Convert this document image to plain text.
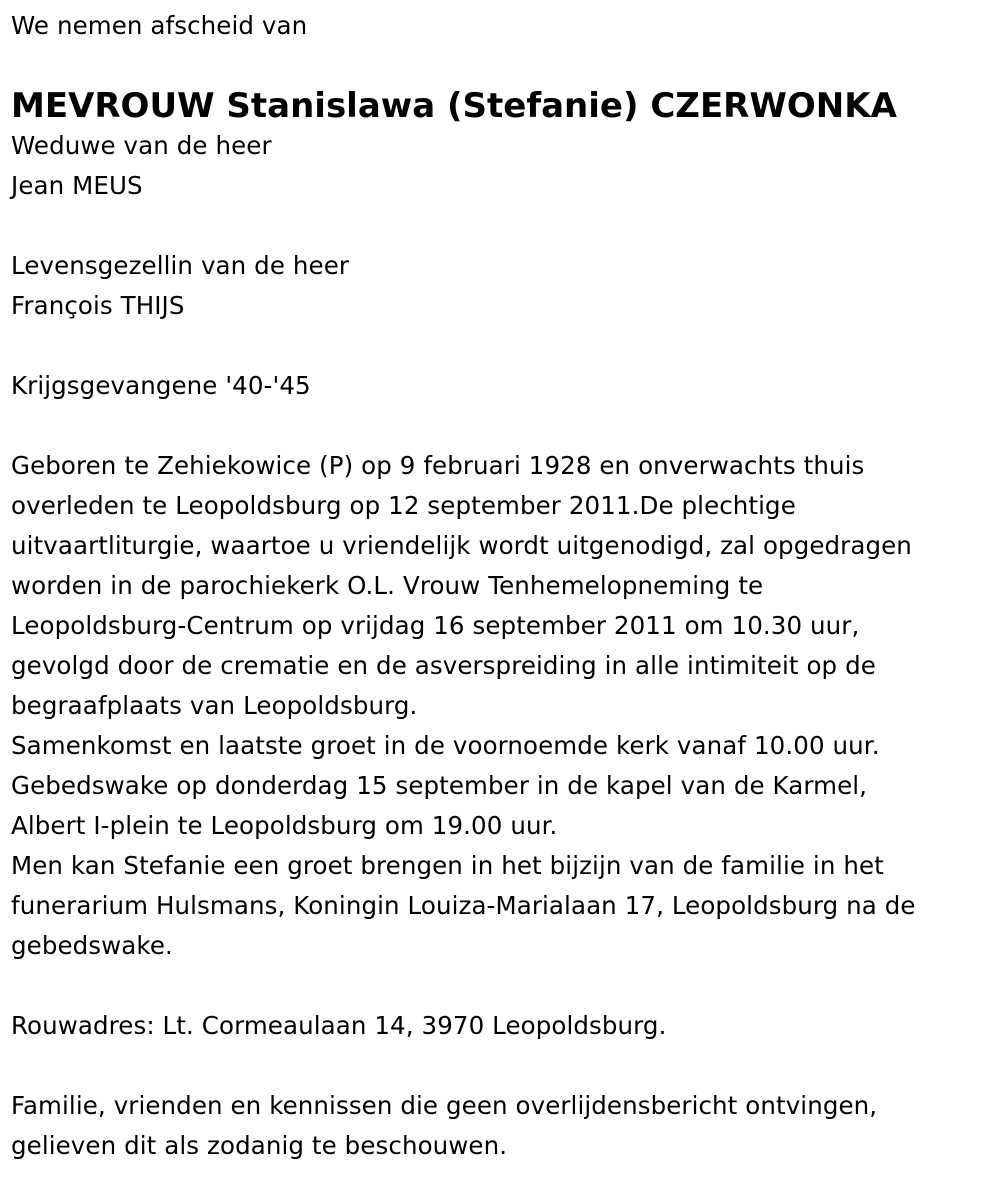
We nemen afscheid van
MEVROUW Stanislawa (Stefanie) CZERWONKA
Weduwe van de heer
Jean MEUS
Levensgezellin van de heer
François THIJS
Krijgsgevangene '40-'45
Geboren te Zehiekowice (P) op 9 februari 1928 en onverwachts thuis
overleden te Leopoldsburg op 12 september 2011.De plechtige
uitvaartliturgie, waartoe u vriendelijk wordt uitgenodigd, zal opgedragen
worden in de parochiekerk O.L. Vrouw Tenhemelopneming te
Leopoldsburg-Centrum op vrijdag 16 september 2011 om 10.30 uur,
gevolgd door de crematie en de asverspreiding in alle intimiteit op de
begraafplaats van Leopoldsburg.
Samenkomst en laatste groet in de voornoemde kerk vanaf 10.00 uur.
Gebedswake op donderdag 15 september in de kapel van de Karmel,
Albert I-plein te Leopoldsburg om 19.00 uur.
Men kan Stefanie een groet brengen in het bijzijn van de familie in het
funerarium Hulsmans, Koningin Louiza-Marialaan 17, Leopoldsburg na de
gebedswake.
Rouwadres: Lt. Cormeaulaan 14, 3970 Leopoldsburg.
Familie, vrienden en kennissen die geen overlijdensbericht ontvingen,
gelieven dit als zodanig te beschouwen.
